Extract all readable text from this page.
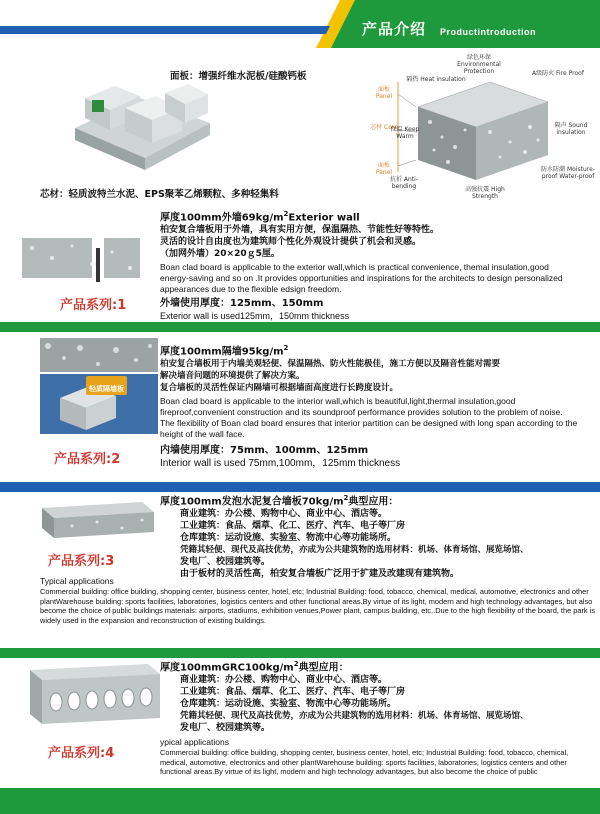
产品介绍 Productintroduction
面板：增强纤维水泥板/硅酸钙板
芯材：轻质波特兰水泥、EPS聚苯乙烯颗粒、多种轻集料
面板 Panel
芯材 Core
面板 Panel
绿色环保 Environmental Protection
隔热 Heat insulation
A级防火 Fire Proof
保温 Keep Warm
隔声 Sound insulation
抗折 Anti-bending
防水防潮 Moisture-proof Water-proof
高强抗震 High Strength
产品系列:1
厚度100mm外墙$69kg/m^2Exterior$ wall
柏安复合墙板用于外墙，具有实用方便，保温隔热、节能性好等特性。
灵活的设计自由度也为建筑师个性化外观设计提供了机会和灵感。
（加网外墙）20×20ｇ5厘。
Boan clad board is applicable to the exterior wall,which is practical convenience, themal insulation,good energy-saving and so on .It provides opportunities and inspirations for the architects to design personalized appearances due to the flexible edsign freedom.
外墙使用厚度：125mm、150mm
Exterior wall is used125mm，150mm thickness
轻质隔墙板
产品系列:2
厚度100mm隔墙$95kg/m^2$
柏安复合墙板用于内墙美观轻便、保温隔热、防火性能极佳，施工方便以及隔音性能对需要
解决墙音问题的环境提供了解决方案。
复合墙板的灵活性保证内隔墙可根据墙面高度进行长跨度设计。
Boan clad board is applicable to the interior wall,which is beautiful,light,thermal insulation,good fireproof,convenient construction and its soundproof performance provides solution to the problem of noise.
The flexibility of Boan clad board ensures that interior partition can be designed with long span according to the height of the wall face.
内墙使用厚度：75mm、100mm、125mm
Interior wall is used 75mm,100mm，125mm thickness
产品系列:3
厚度100mm发泡水泥复合墙板$70kg/m^2$典型应用：
商业建筑：办公楼、购物中心、商业中心、酒店等。
工业建筑：食品、烟草、化工、医疗、汽车、电子等厂房
仓库建筑：运动设施、实验室、物流中心等功能场所。
凭籍其轻便、现代及高技优势，亦成为公共建筑物的选用材料：机场、体育场馆、展览场馆、
发电厂、校园建筑等。
由于板材的灵活性高，柏安复合墙板广泛用于扩建及改建现有建筑物。
Typical applications
Commercial building: office building, shopping center, business center, hotel, etc; Industrial Building: food, tobacco, chemical, medical, automotive, electronics and other plantWarehouse building: sports facilities, laboratories, logistics centers and other functional areas.By virtue of its light, modern and high technology advantages, but also become the choice of public buildings materials: airports, stadiums, exhibition venues,Power plant, campus building, etc..Due to the high flexibility of the board, the park is widely used in the expansion and reconstruction of existing buildings.
产品系列:4
厚度$100mmGRC100kg/m^2$典型应用：
商业建筑：办公楼、购物中心、商业中心、酒店等。
工业建筑：食品、烟草、化工、医疗、汽车、电子等厂房
仓库建筑：运动设施、实验室、物流中心等功能场所。
凭籍其轻便、现代及高技优势，亦成为公共建筑物的选用材料：机场、体育场馆、展览场馆、
发电厂、校园建筑等。
ypical applications
Commercial building: office building, shopping center, business center, hotel, etc; Industrial Building: food, tobacco, chemical, medical, automotive, electronics and other plantWarehouse building: sports facilities, laboratories, logistics centers and other functional areas.By virtue of its light, modern and high technology advantages, but also become the choice of public
